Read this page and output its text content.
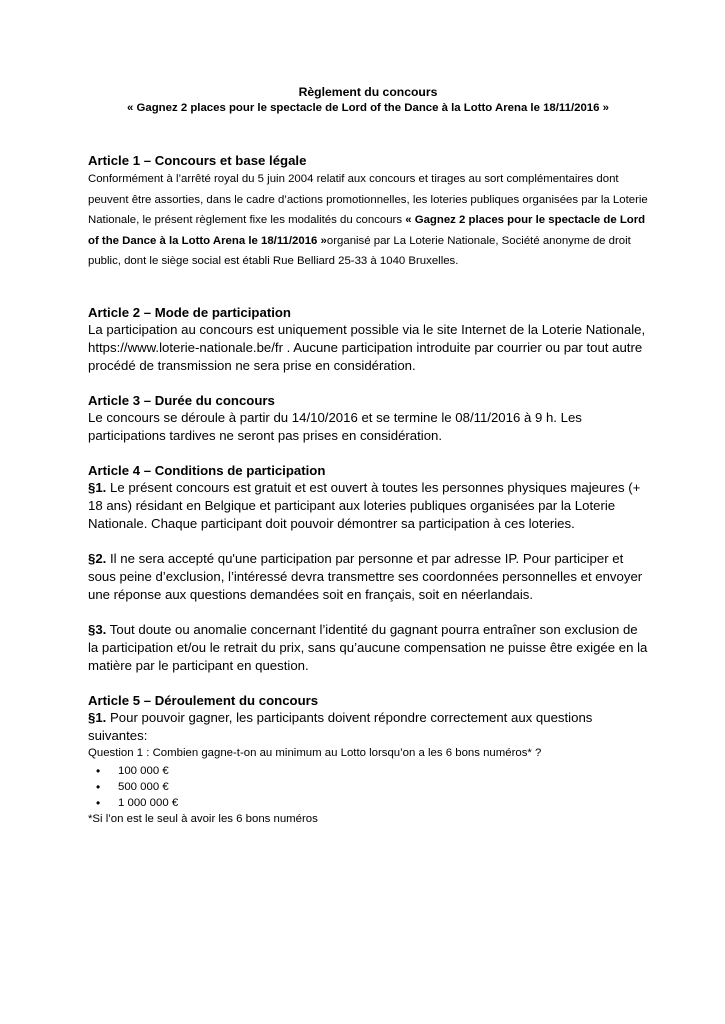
Règlement du concours
« Gagnez 2 places pour le spectacle de Lord of the Dance à la Lotto Arena le 18/11/2016 »
Article 1 – Concours et base légale
Conformément à l’arrêté royal du 5 juin 2004 relatif aux concours et tirages au sort complémentaires dont peuvent être assorties, dans le cadre d’actions promotionnelles, les loteries publiques organisées par la Loterie Nationale, le présent règlement fixe les modalités du concours « Gagnez 2 places pour le spectacle de Lord of the Dance à la Lotto Arena le 18/11/2016 »organisé par La Loterie Nationale, Société anonyme de droit public, dont le siège social est établi Rue Belliard 25-33 à 1040 Bruxelles.
Article 2 – Mode de participation
La participation au concours est uniquement possible via le site Internet de la Loterie Nationale, https://www.loterie-nationale.be/fr . Aucune participation introduite par courrier ou par tout autre procédé de transmission ne sera prise en considération.
Article 3 – Durée du concours
Le concours se déroule à partir du 14/10/2016 et se termine le 08/11/2016 à 9 h. Les participations tardives ne seront pas prises en considération.
Article 4 – Conditions de participation
§1. Le présent concours est gratuit et est ouvert à toutes les personnes physiques majeures (+ 18 ans) résidant en Belgique et participant aux loteries publiques organisées par la Loterie Nationale. Chaque participant doit pouvoir démontrer sa participation à ces loteries.
§2. Il ne sera accepté qu'une participation par personne et par adresse IP. Pour participer et sous peine d’exclusion, l’intéressé devra transmettre ses coordonnées personnelles et envoyer une réponse aux questions demandées soit en français, soit en néerlandais.
§3. Tout doute ou anomalie concernant l’identité du gagnant pourra entraîner son exclusion de la participation et/ou le retrait du prix, sans qu’aucune compensation ne puisse être exigée en la matière par le participant en question.
Article 5 – Déroulement du concours
§1. Pour pouvoir gagner, les participants doivent répondre correctement aux questions suivantes:
Question 1 : Combien gagne-t-on au minimum au Lotto lorsqu’on a les 6 bons numéros* ?
• 100 000 €
• 500 000 €
• 1 000 000 €
*Si l’on est le seul à avoir les 6 bons numéros
